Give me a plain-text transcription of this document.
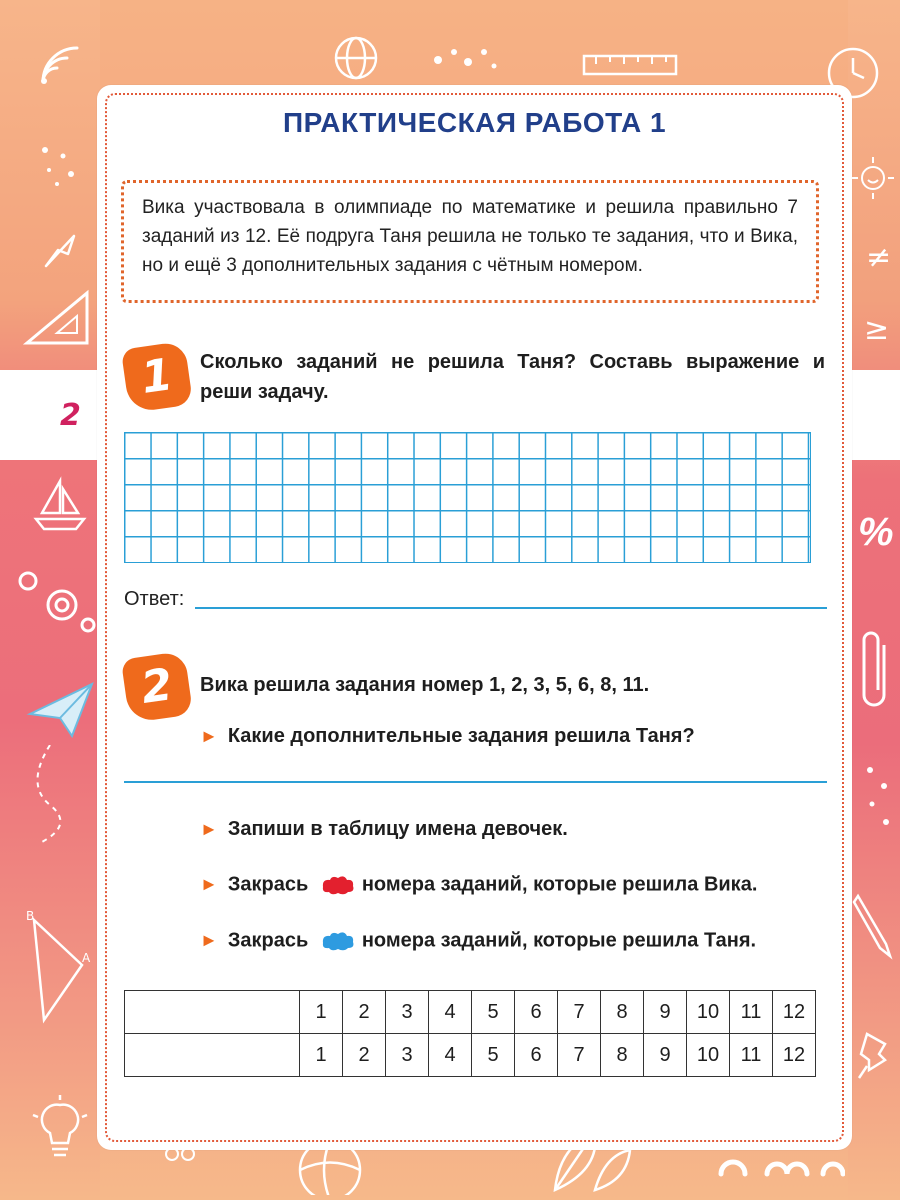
≠
≥
B
A
%
2
ПРАКТИЧЕСКАЯ РАБОТА 1
Вика участвовала в олимпиаде по математике и решила правильно 7 заданий из 12. Её подруга Таня решила не только те задания, что и Вика, но и ещё 3 дополнительных задания с чётным номером.
1	Сколько заданий не решила Таня? Составь выражение и реши задачу.
Ответ:
2	Вика решила задания номер 1, 2, 3, 5, 6, 8, 11.
► Какие дополнительные задания решила Таня?
► Запиши в таблицу имена девочек.
► Закрась	номера заданий, которые решила Вика.
► Закрась	номера заданий, которые решила Таня.
	1	2	3	4	5	6	7	8	9	10	11	12
	1	2	3	4	5	6	7	8	9	10	11	12
